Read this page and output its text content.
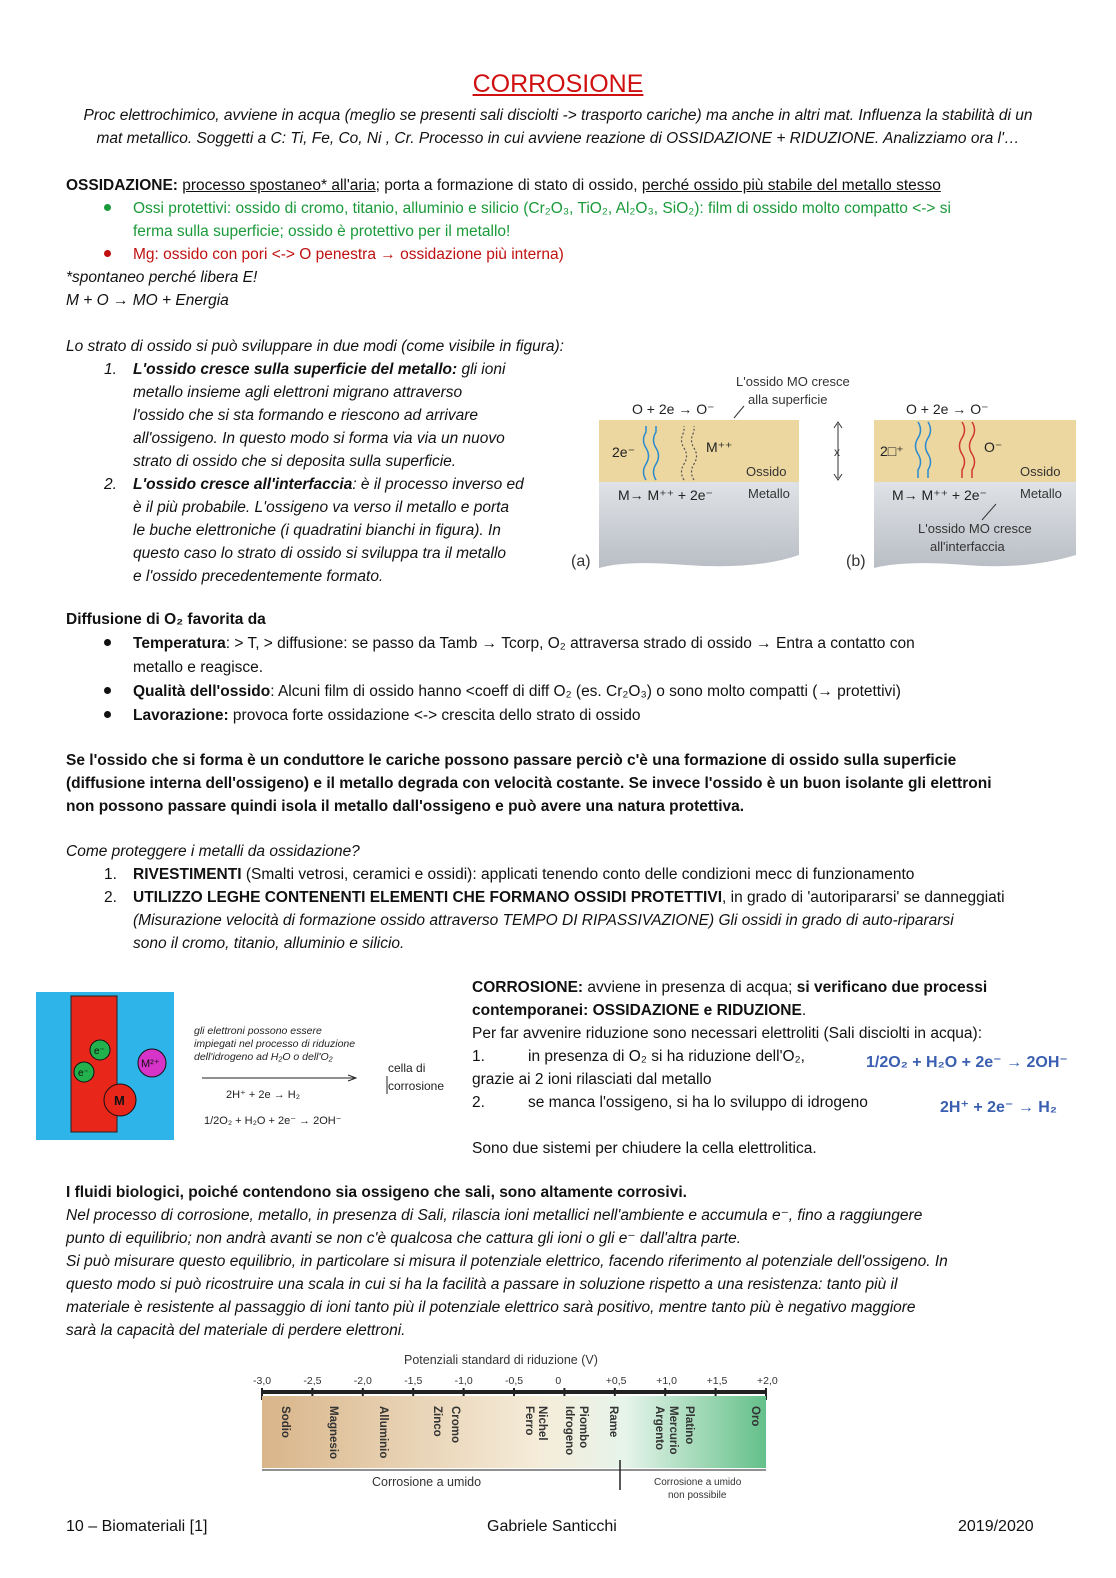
CORROSIONE
Proc elettrochimico, avviene in acqua (meglio se presenti sali disciolti -> trasporto cariche) ma anche in altri mat. Influenza la stabilità di un mat metallico. Soggetti a C: Ti, Fe, Co, Ni , Cr. Processo in cui avviene reazione di OSSIDAZIONE + RIDUZIONE. Analizziamo ora l'…
OSSIDAZIONE: processo spostaneo* all'aria; porta a formazione di stato di ossido, perché ossido più stabile del metallo stesso
Ossi protettivi: ossido di cromo, titanio, alluminio e silicio (Cr₂O₃, TiO₂, Al₂O₃, SiO₂): film di ossido molto compatto <-> si
ferma sulla superficie; ossido è protettivo per il metallo!
Mg: ossido con pori <-> O penestra → ossidazione più interna)
*spontaneo perché libera E!
M + O → MO + Energia
Lo strato di ossido si può sviluppare in due modi (come visibile in figura):
1. L'ossido cresce sulla superficie del metallo: gli ioni
metallo insieme agli elettroni migrano attraverso
l'ossido che si sta formando e riescono ad arrivare
all'ossigeno. In questo modo si forma via via un nuovo
strato di ossido che si deposita sulla superficie.
2. L'ossido cresce all'interfaccia: è il processo inverso ed
è il più probabile. L'ossigeno va verso il metallo e porta
le buche elettroniche (i quadratini bianchi in figura). In
questo caso lo strato di ossido si sviluppa tra il metallo
e l'ossido precedentemente formato.
L'ossido MO cresce
alla superficie
O + 2e → O⁻
2e⁻	M⁺⁺
Ossido
Metallo
M→ M⁺⁺ + 2e⁻
(a)
x
O + 2e → O⁻
2□⁺	O⁻
Ossido
Metallo
M→ M⁺⁺ + 2e⁻
L'ossido MO cresce
all'interfaccia
(b)
Diffusione di O₂ favorita da
Temperatura: > T, > diffusione: se passo da Tamb → Tcorp, O₂ attraversa strado di ossido → Entra a contatto con
metallo e reagisce.
Qualità dell'ossido: Alcuni film di ossido hanno <coeff di diff O₂ (es. Cr₂O₃) o sono molto compatti (→ protettivi)
Lavorazione: provoca forte ossidazione <-> crescita dello strato di ossido
Se l'ossido che si forma è un conduttore le cariche possono passare perciò c'è una formazione di ossido sulla superficie
(diffusione interna dell'ossigeno) e il metallo degrada con velocità costante. Se invece l'ossido è un buon isolante gli elettroni
non possono passare quindi isola il metallo dall'ossigeno e può avere una natura protettiva.
Come proteggere i metalli da ossidazione?
1. RIVESTIMENTI (Smalti vetrosi, ceramici e ossidi): applicati tenendo conto delle condizioni mecc di funzionamento
2. UTILIZZO LEGHE CONTENENTI ELEMENTI CHE FORMANO OSSIDI PROTETTIVI, in grado di 'autoripararsi' se danneggiati
(Misurazione velocità di formazione ossido attraverso TEMPO DI RIPASSIVAZIONE) Gli ossidi in grado di auto-ripararsi
sono il cromo, titanio, alluminio e silicio.
e⁻
e⁻
M²⁺
M
gli elettroni possono essere
impiegati nel processo di riduzione
dell'idrogeno ad H₂O o dell'O₂
2H⁺ + 2e → H₂
1/2O₂ + H₂O + 2e⁻ → 2OH⁻
cella di
corrosione
CORROSIONE: avviene in presenza di acqua; si verificano due processi
contemporanei: OSSIDAZIONE e RIDUZIONE.
Per far avvenire riduzione sono necessari elettroliti (Sali disciolti in acqua):
1.	in presenza di O₂ si ha riduzione dell'O₂,
grazie ai 2 ioni rilasciati dal metallo
2.	se manca l'ossigeno, si ha lo sviluppo di idrogeno
1/2O₂ + H₂O + 2e⁻ → 2OH⁻
2H⁺ + 2e⁻ → H₂
Sono due sistemi per chiudere la cella elettrolitica.
I fluidi biologici, poiché contendono sia ossigeno che sali, sono altamente corrosivi.
Nel processo di corrosione, metallo, in presenza di Sali, rilascia ioni metallici nell'ambiente e accumula e⁻, fino a raggiungere
punto di equilibrio; non andrà avanti se non c'è qualcosa che cattura gli ioni o gli e⁻ dall'altra parte.
Si può misurare questo equilibrio, in particolare si misura il potenziale elettrico, facendo riferimento al potenziale dell'ossigeno. In
questo modo si può ricostruire una scala in cui si ha la facilità a passare in soluzione rispetto a una resistenza: tanto più il
materiale è resistente al passaggio di ioni tanto più il potenziale elettrico sarà positivo, mentre tanto più è negativo maggiore
sarà la capacità del materiale di perdere elettroni.
Potenziali standard di riduzione (V)
-3,0	-2,5	-2,0	-1,5	-1,0	-0,5	0	+0,5	+1,0	+1,5	+2,0
Sodio	Magnesio	Alluminio	Zinco Cromo	Nichel
Ferro Idrogeno Piombo Rame	Mercurio
Argento Platino	Oro
Corrosione a umido	Corrosione a umido
non possibile
10 – Biomateriali [1]	Gabriele Santicchi	2019/2020
